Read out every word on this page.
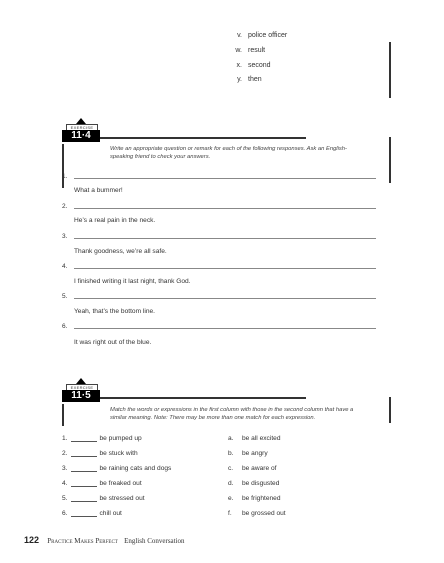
v. police officer
w. result
x. second
y. then
EXERCISE
11·4
Write an appropriate question or remark for each of the following responses. Ask an English-speaking friend to check your answers.
1.
What a bummer!
2.
He’s a real pain in the neck.
3.
Thank goodness, we’re all safe.
4.
I finished writing it last night, thank God.
5.
Yeah, that’s the bottom line.
6.
It was right out of the blue.
EXERCISE
11·5
Match the words or expressions in the first column with those in the second column that have a similar meaning. Note: There may be more than one match for each expression.
1.	be pumped up
2.	be stuck with
3.	be raining cats and dogs
4.	be freaked out
5.	be stressed out
6.	chill out
a. be all excited
b. be angry
c. be aware of
d. be disgusted
e. be frightened
f. be grossed out
122 Practice Makes Perfect English Conversation
